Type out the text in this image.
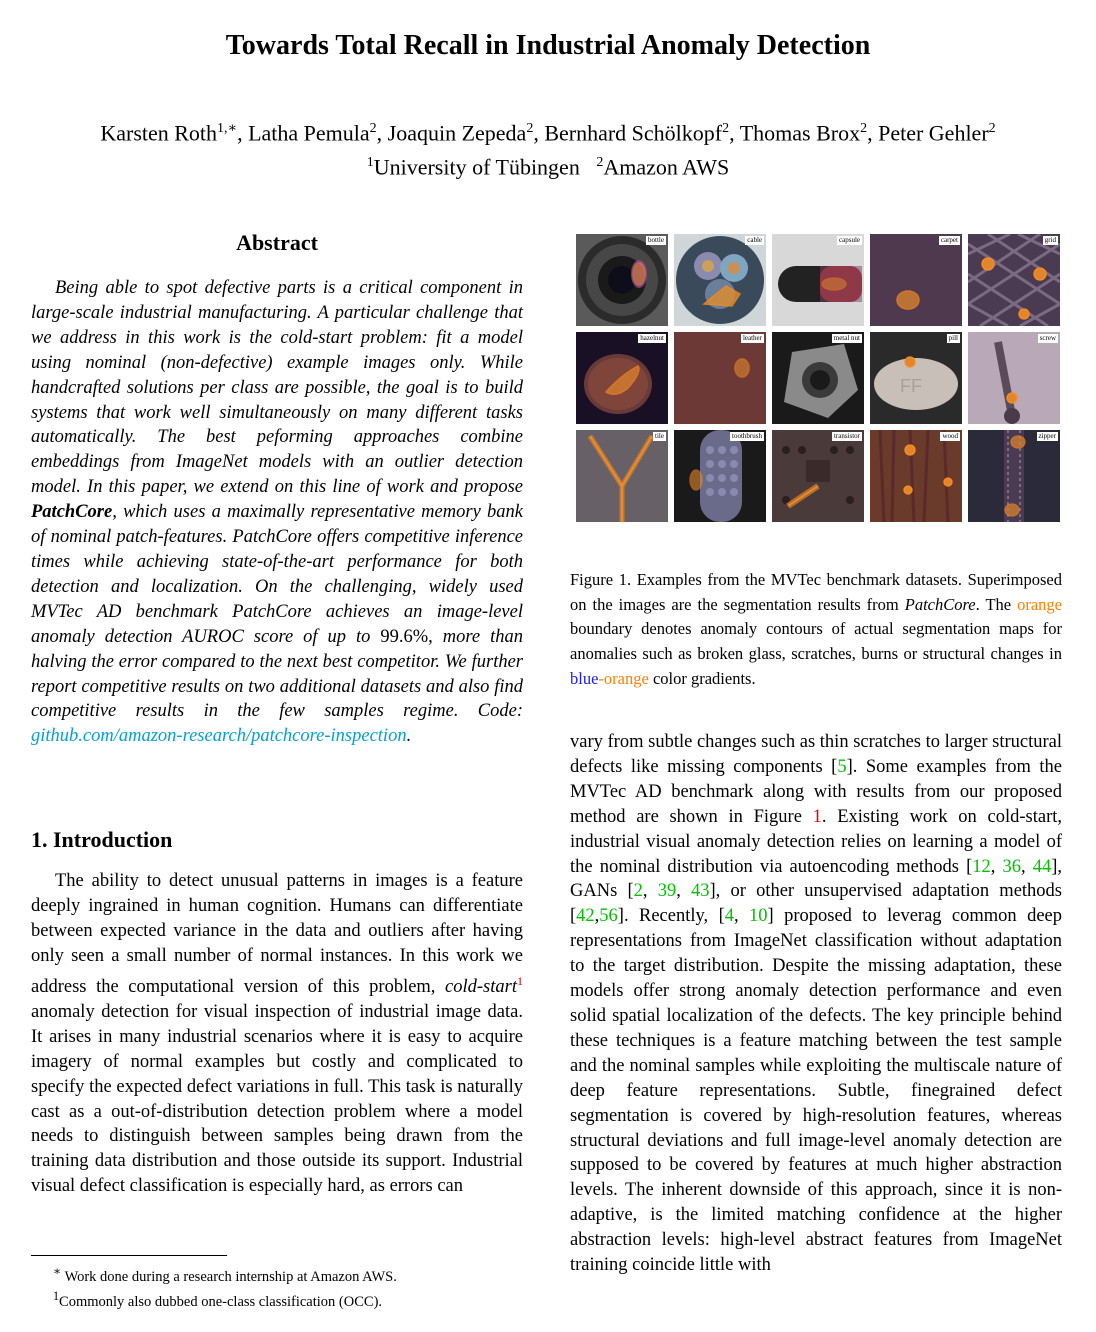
Towards Total Recall in Industrial Anomaly Detection
Karsten Roth$^{1,∗}$, Latha Pemula$^2$, Joaquin Zepeda$^2$, Bernhard Schölkopf$^2$, Thomas Brox$^2$, Peter Gehler$^2$
$^1$University of Tübingen $^2$Amazon AWS
Abstract

Being able to spot defective parts is a critical component in large-scale industrial manufacturing. A particular challenge that we address in this work is the cold-start problem: fit a model using nominal (non-defective) example images only. While handcrafted solutions per class are possible, the goal is to build systems that work well simultaneously on many different tasks automatically. The best peforming approaches combine embeddings from ImageNet models with an outlier detection model. In this paper, we extend on this line of work and propose PatchCore, which uses a maximally representative memory bank of nominal patch-features. PatchCore offers competitive inference times while achieving state-of-the-art performance for both detection and localization. On the challenging, widely used MVTec AD benchmark PatchCore achieves an image-level anomaly detection AUROC score of up to 99.6%, more than halving the error compared to the next best competitor. We further report competitive results on two additional datasets and also find competitive results in the few samples regime. Code: github.com/amazon-research/patchcore-inspection.

1. Introduction

The ability to detect unusual patterns in images is a feature deeply ingrained in human cognition. Humans can differentiate between expected variance in the data and outliers after having only seen a small number of normal instances. In this work we address the computational version of this problem, cold-start$^1$ anomaly detection for visual inspection of industrial image data. It arises in many industrial scenarios where it is easy to acquire imagery of normal examples but costly and complicated to specify the expected defect variations in full. This task is naturally cast as a out-of-distribution detection problem where a model needs to distinguish between samples being drawn from the training data distribution and those outside its support. Industrial visual defect classification is especially hard, as errors can

∗ Work done during a research internship at Amazon AWS.
$^1$Commonly also dubbed one-class classification (OCC).
bottle	cable	capsule	carpet	grid
hazelnut	leather	metal nut
FF
pill	screw
tile	toothbrush	transistor	wood	zipper
Figure 1. Examples from the MVTec benchmark datasets. Superimposed on the images are the segmentation results from PatchCore. The orange boundary denotes anomaly contours of actual segmentation maps for anomalies such as broken glass, scratches, burns or structural changes in blue-orange color gradients.

vary from subtle changes such as thin scratches to larger structural defects like missing components [5]. Some examples from the MVTec AD benchmark along with results from our proposed method are shown in Figure 1. Existing work on cold-start, industrial visual anomaly detection relies on learning a model of the nominal distribution via autoencoding methods [12, 36, 44], GANs [2, 39, 43], or other unsupervised adaptation methods [42,56]. Recently, [4, 10] proposed to leverag common deep representations from ImageNet classification without adaptation to the target distribution. Despite the missing adaptation, these models offer strong anomaly detection performance and even solid spatial localization of the defects. The key principle behind these techniques is a feature matching between the test sample and the nominal samples while exploiting the multiscale nature of deep feature representations. Subtle, finegrained defect segmentation is covered by high-resolution features, whereas structural deviations and full image-level anomaly detection are supposed to be covered by features at much higher abstraction levels. The inherent downside of this approach, since it is non-adaptive, is the limited matching confidence at the higher abstraction levels: high-level abstract features from ImageNet training coincide little with
